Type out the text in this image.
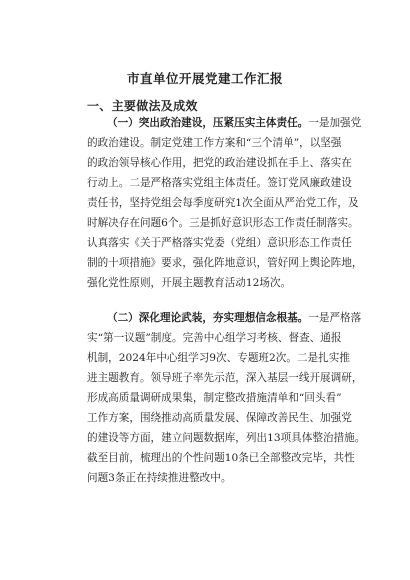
市直单位开展党建工作汇报
一、主要做法及成效
（一）突出政治建设，压紧压实主体责任。一是加强党
的政治建设。制定党建工作方案和“三个清单”，以坚强
的政治领导核心作用，把党的政治建设抓在手上、落实在
行动上。二是严格落实党组主体责任。签订党风廉政建设
责任书，坚持党组会每季度研究1次全面从严治党工作，及
时解决存在问题6个。三是抓好意识形态工作责任制落实。
认真落实《关于严格落实党委（党组）意识形态工作责任
制的十项措施》要求，强化阵地意识，管好网上舆论阵地，
强化党性原则，开展主题教育活动12场次。
（二）深化理论武装，夯实理想信念根基。一是严格落
实“第一议题”制度。完善中心组学习考核、督查、通报
机制，2024年中心组学习9次、专题班2次。二是扎实推
进主题教育。领导班子率先示范，深入基层一线开展调研，
形成高质量调研成果集，制定整改措施清单和“回头看”
工作方案，围绕推动高质量发展、保障改善民生、加强党
的建设等方面，建立问题数据库，列出13项具体整治措施。
截至目前，梳理出的个性问题10条已全部整改完毕，共性
问题3条正在持续推进整改中。
